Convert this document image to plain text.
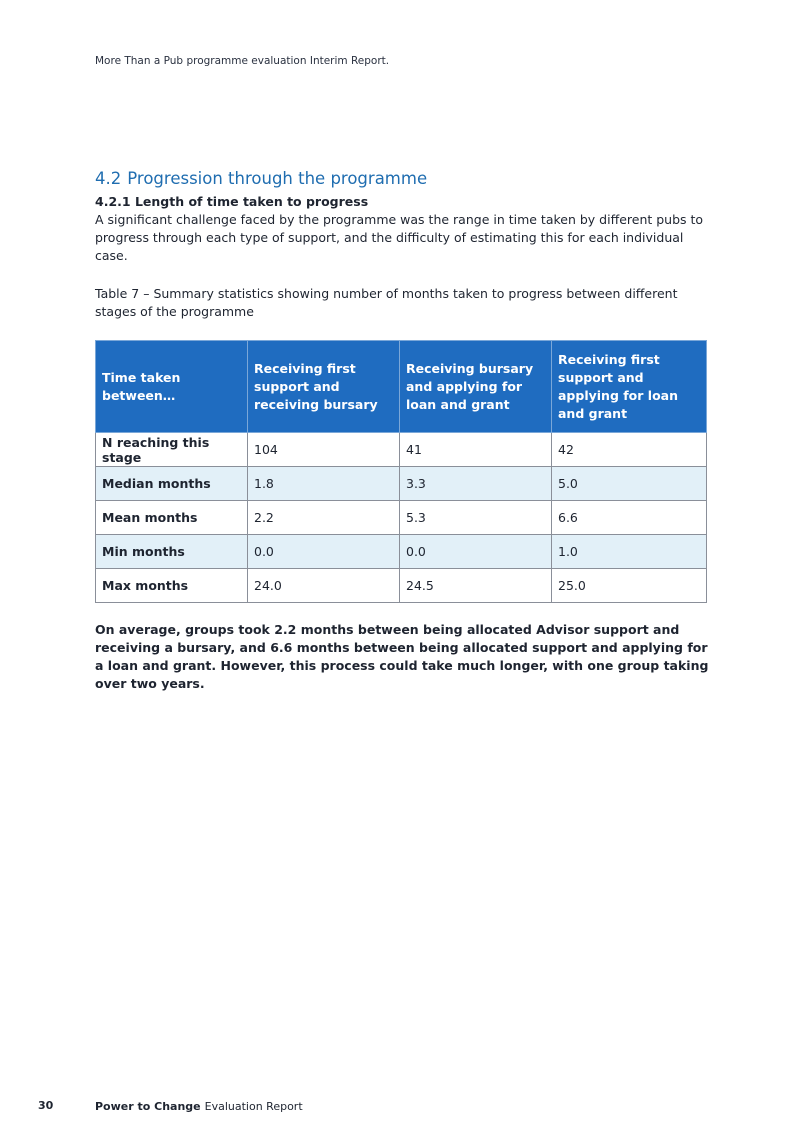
More Than a Pub programme evaluation Interim Report.
4.2 Progression through the programme
4.2.1 Length of time taken to progress

A significant challenge faced by the programme was the range in time taken by different pubs to progress through each type of support, and the difficulty of estimating this for each individual case.

Table 7 – Summary statistics showing number of months taken to progress between different stages of the programme

Time taken between…	Receiving first support and receiving bursary	Receiving bursary and applying for loan and grant	Receiving first support and applying for loan and grant
N reaching this stage	104	41	42
Median months	1.8	3.3	5.0
Mean months	2.2	5.3	6.6
Min months	0.0	0.0	1.0
Max months	24.0	24.5	25.0

On average, groups took 2.2 months between being allocated Advisor support and receiving a bursary, and 6.6 months between being allocated support and applying for a loan and grant. However, this process could take much longer, with one group taking over two years.

30	Power to Change Evaluation Report
